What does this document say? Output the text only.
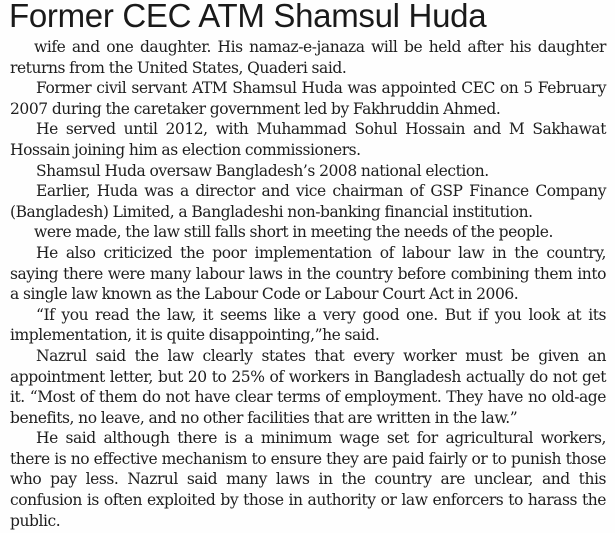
Former CEC ATM Shamsul Huda

wife and one daughter. His namaz-e-janaza will be held after his daughter returns from the United States, Quaderi said.

Former civil servant ATM Shamsul Huda was appointed CEC on 5 February 2007 during the caretaker government led by Fakhruddin Ahmed.

He served until 2012, with Muhammad Sohul Hossain and M Sakhawat Hossain joining him as election commissioners.

Shamsul Huda oversaw Bangladesh’s 2008 national election.

Earlier, Huda was a director and vice chairman of GSP Finance Company (Bangladesh) Limited, a Bangladeshi non-banking financial institution.

were made, the law still falls short in meeting the needs of the people.

He also criticized the poor implementation of labour law in the country, saying there were many labour laws in the country before combining them into a single law known as the Labour Code or Labour Court Act in 2006.

“If you read the law, it seems like a very good one. But if you look at its implementation, it is quite disappointing,”he said.

Nazrul said the law clearly states that every worker must be given an appointment letter, but 20 to 25% of workers in Bangladesh actually do not get it. “Most of them do not have clear terms of employment. They have no old-age benefits, no leave, and no other facilities that are written in the law.”

He said although there is a minimum wage set for agricultural workers, there is no effective mechanism to ensure they are paid fairly or to punish those who pay less. Nazrul said many laws in the country are unclear, and this confusion is often exploited by those in authority or law enforcers to harass the public.
